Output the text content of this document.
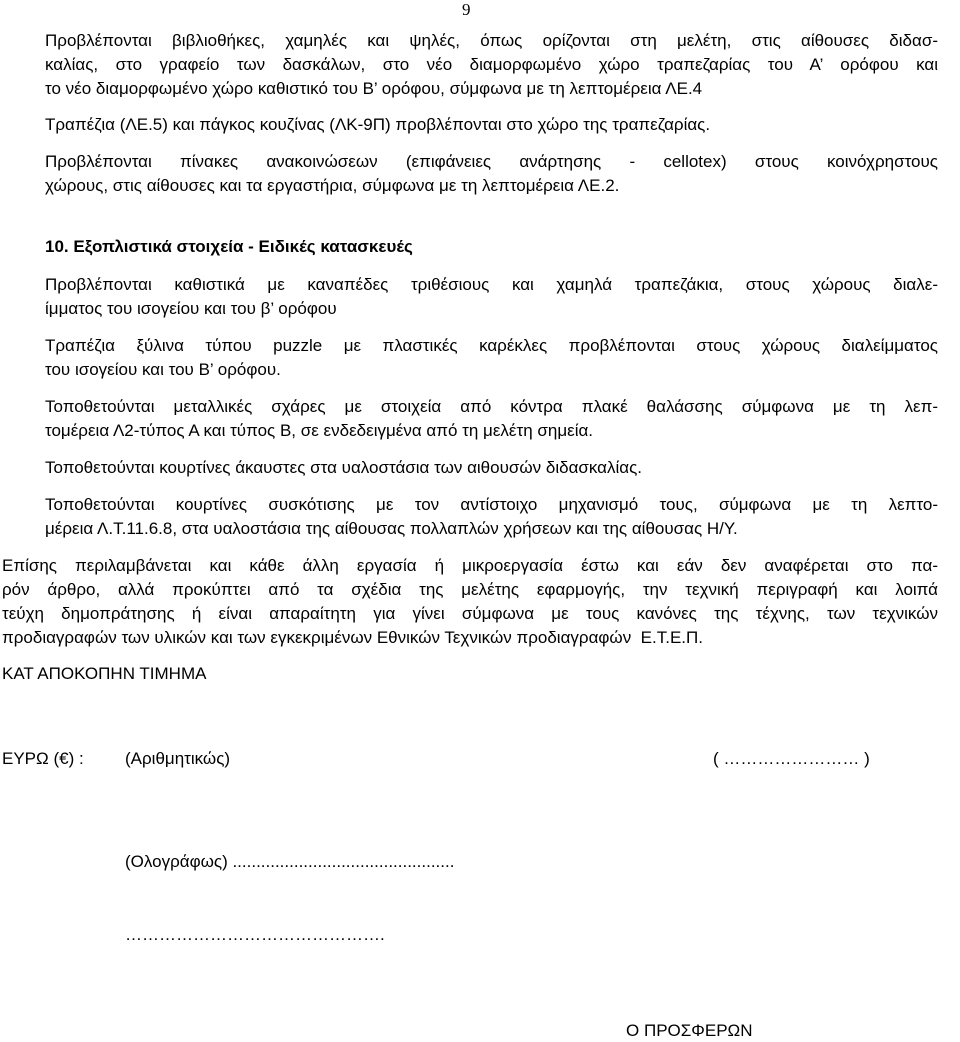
9
Προβλέπονται βιβλιοθήκες, χαμηλές και ψηλές, όπως ορίζονται στη μελέτη, στις αίθουσες διδασ-
καλίας, στο γραφείο των δασκάλων, στο νέο διαμορφωμένο χώρο τραπεζαρίας του Α’ ορόφου και
το νέο διαμορφωμένο χώρο καθιστικό του Β’ ορόφου, σύμφωνα με τη λεπτομέρεια ΛΕ.4
Τραπέζια (ΛΕ.5) και πάγκος κουζίνας (ΛΚ-9Π) προβλέπονται στο χώρο της τραπεζαρίας.
Προβλέπονται πίνακες ανακοινώσεων (επιφάνειες ανάρτησης - cellotex) στους κοινόχρηστους
χώρους, στις αίθουσες και τα εργαστήρια, σύμφωνα με τη λεπτομέρεια ΛΕ.2.
10. Εξοπλιστικά στοιχεία - Ειδικές κατασκευές
Προβλέπονται καθιστικά με καναπέδες τριθέσιους και χαμηλά τραπεζάκια, στους χώρους διαλε-
ίμματος του ισογείου και του β’ ορόφου
Τραπέζια ξύλινα τύπου puzzle με πλαστικές καρέκλες προβλέπονται στους χώρους διαλείμματος
του ισογείου και του Β’ ορόφου.
Τοποθετούνται μεταλλικές σχάρες με στοιχεία από κόντρα πλακέ θαλάσσης σύμφωνα με τη λεπ-
τομέρεια Λ2-τύπος Α και τύπος Β, σε ενδεδειγμένα από τη μελέτη σημεία.
Τοποθετούνται κουρτίνες άκαυστες στα υαλοστάσια των αιθουσών διδασκαλίας.
Τοποθετούνται κουρτίνες συσκότισης με τον αντίστοιχο μηχανισμό τους, σύμφωνα με τη λεπτο-
μέρεια Λ.Τ.11.6.8, στα υαλοστάσια της αίθουσας πολλαπλών χρήσεων και της αίθουσας Η/Υ.
Επίσης περιλαμβάνεται και κάθε άλλη εργασία ή μικροεργασία έστω και εάν δεν αναφέρεται στο πα-
ρόν άρθρο, αλλά προκύπτει από τα σχέδια της μελέτης εφαρμογής, την τεχνική περιγραφή και λοιπά
τεύχη δημοπράτησης ή είναι απαραίτητη για γίνει σύμφωνα με τους κανόνες της τέχνης, των τεχνικών
προδιαγραφών των υλικών και των εγκεκριμένων Εθνικών Τεχνικών προδιαγραφών  Ε.Τ.Ε.Π.
ΚΑΤ ΑΠΟΚΟΠΗΝ ΤΙΜΗΜΑ
ΕΥΡΩ (€) : (Αριθμητικώς)	( …………………… )
(Ολογράφως) ...............................................
……………………………………….
Ο ΠΡΟΣΦΕΡΩΝ
